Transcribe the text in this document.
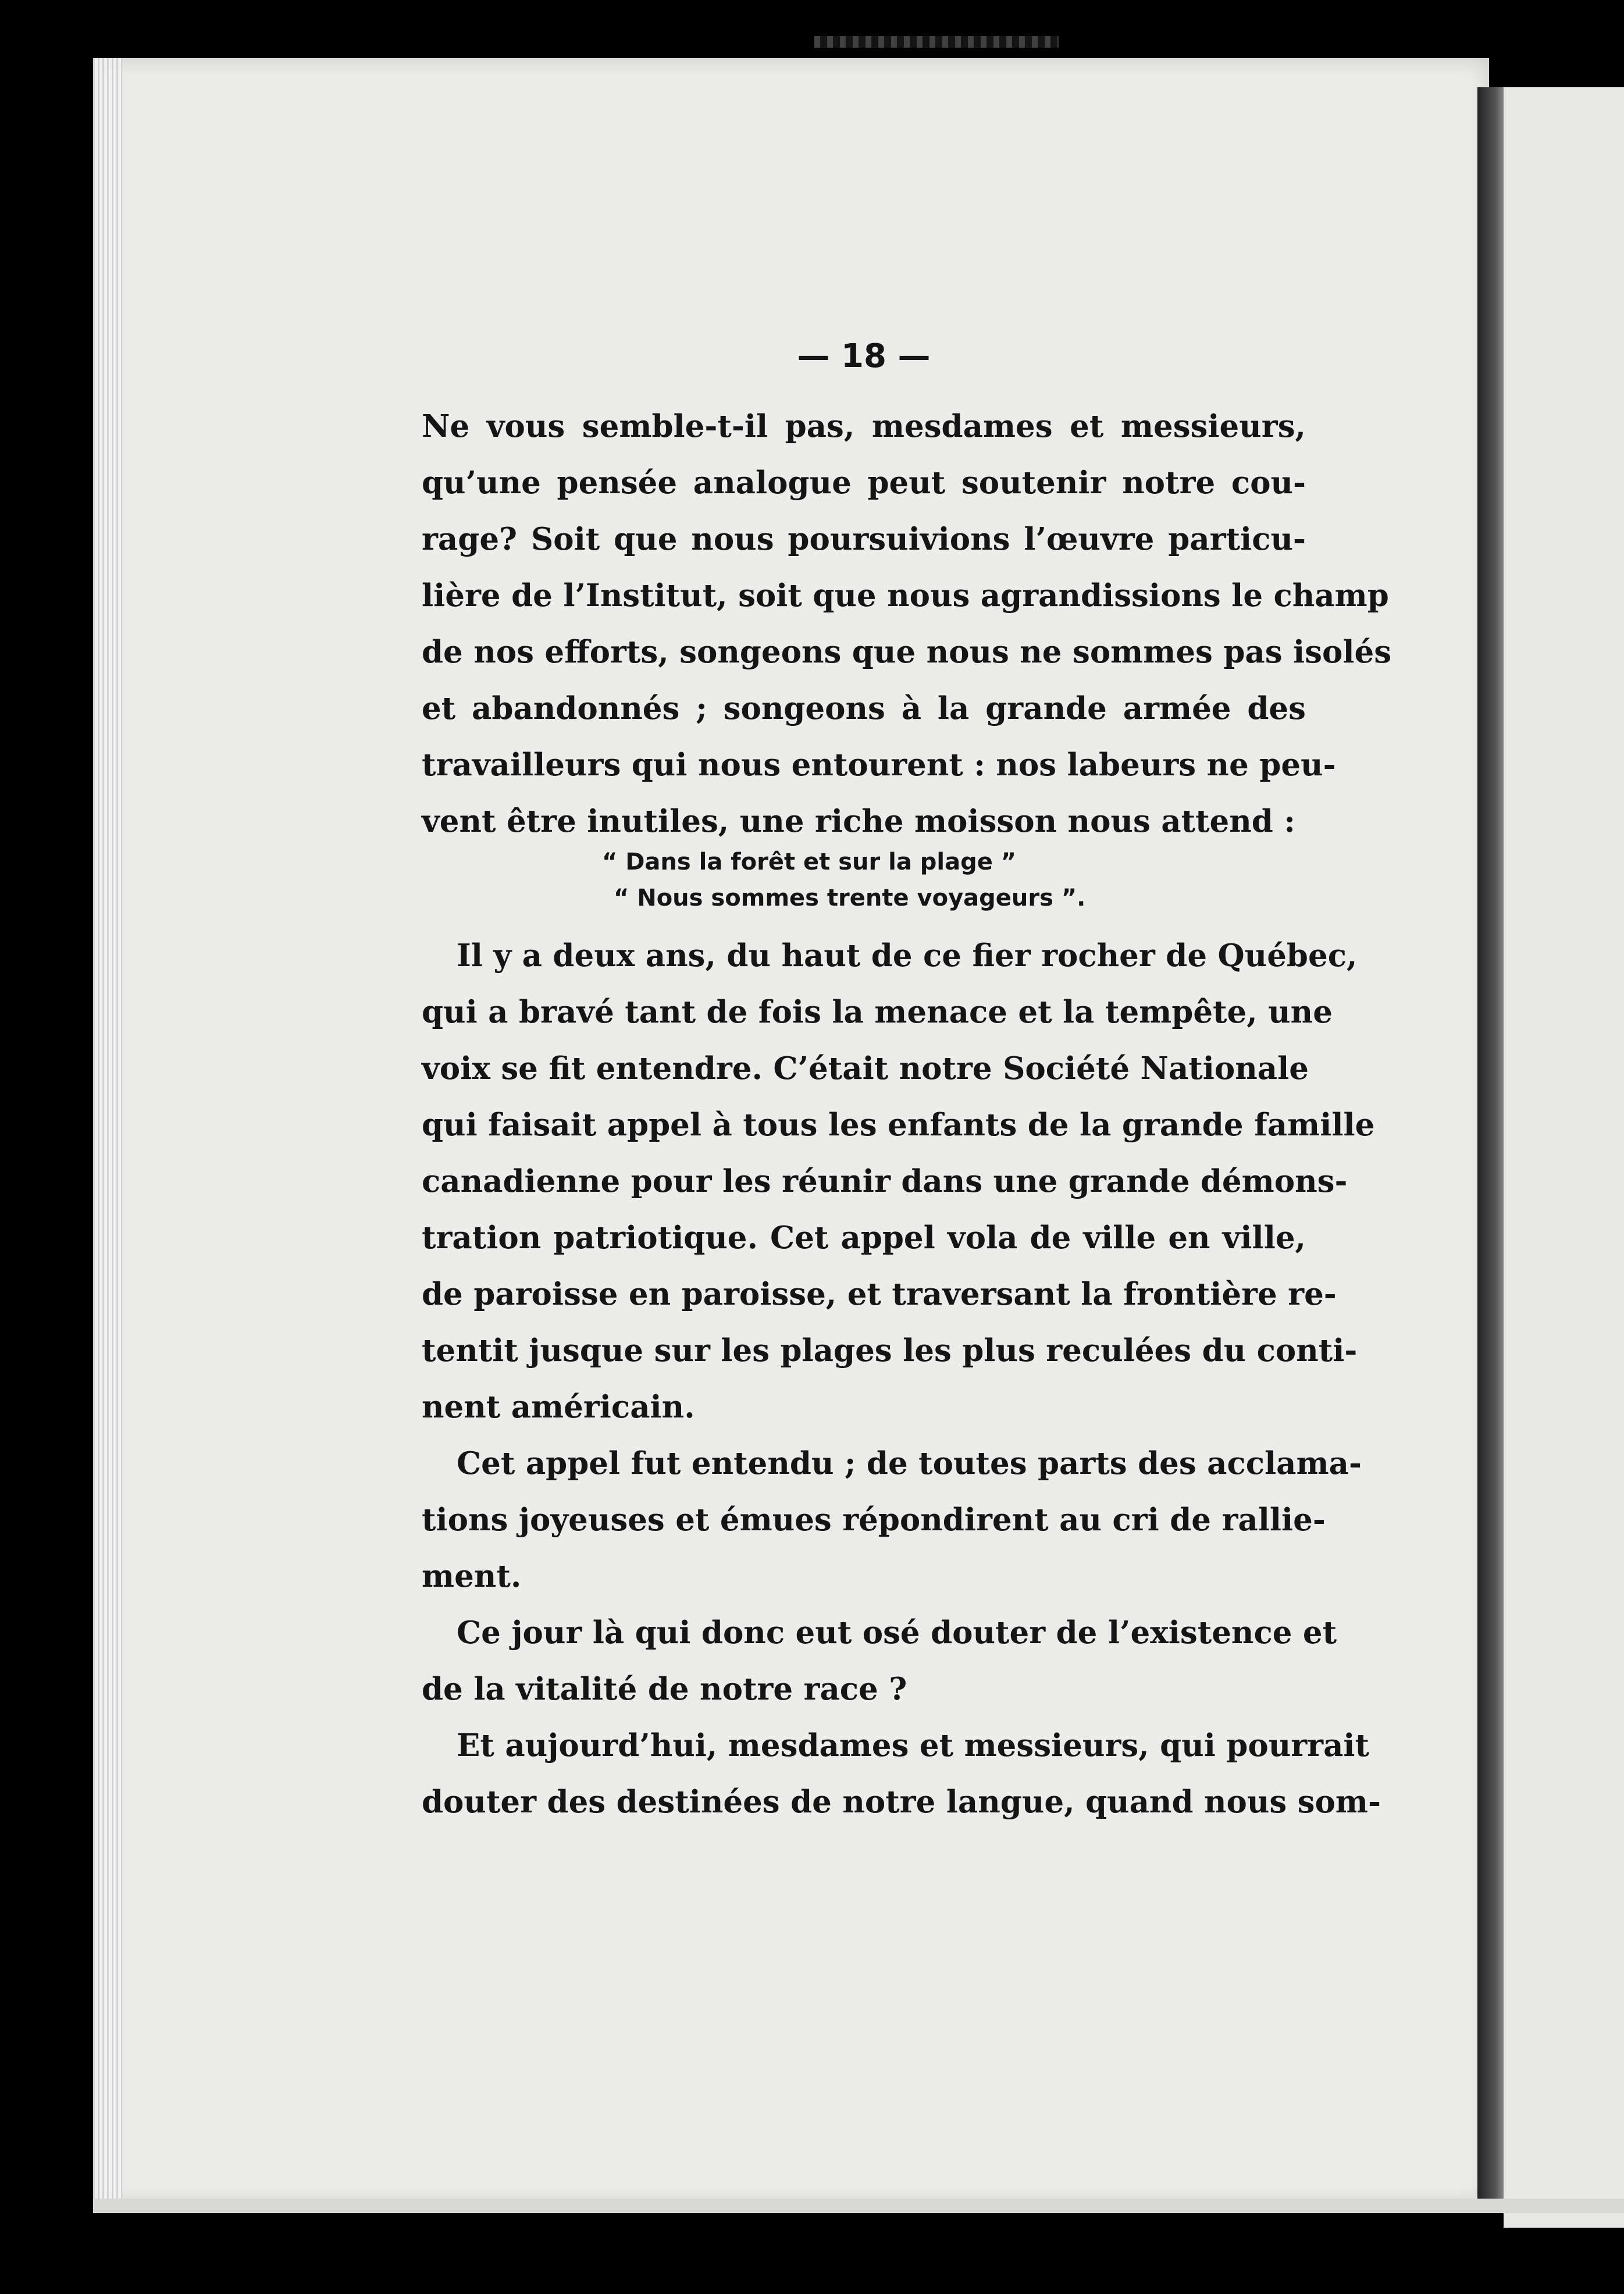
— 18 —
Ne vous semble-t-il pas, mesdames et messieurs,
qu’une pensée analogue peut soutenir notre cou-
rage? Soit que nous poursuivions l’œuvre particu-
lière de l’Institut, soit que nous agrandissions le champ
de nos efforts, songeons que nous ne sommes pas isolés
et abandonnés ; songeons à la grande armée des
travailleurs qui nous entourent : nos labeurs ne peu-
vent être inutiles, une riche moisson nous attend :
“ Dans la forêt et sur la plage ”
“ Nous sommes trente voyageurs ”.
Il y a deux ans, du haut de ce fier rocher de Québec,
qui a bravé tant de fois la menace et la tempête, une
voix se fit entendre. C’était notre Société Nationale
qui faisait appel à tous les enfants de la grande famille
canadienne pour les réunir dans une grande démons-
tration patriotique. Cet appel vola de ville en ville,
de paroisse en paroisse, et traversant la frontière re-
tentit jusque sur les plages les plus reculées du conti-
nent américain.
Cet appel fut entendu ; de toutes parts des acclama-
tions joyeuses et émues répondirent au cri de ralliе-
ment.
Ce jour là qui donc eut osé douter de l’existence et
de la vitalité de notre race ?
Et aujourd’hui, mesdames et messieurs, qui pourrait
douter des destinées de notre langue, quand nous som-
